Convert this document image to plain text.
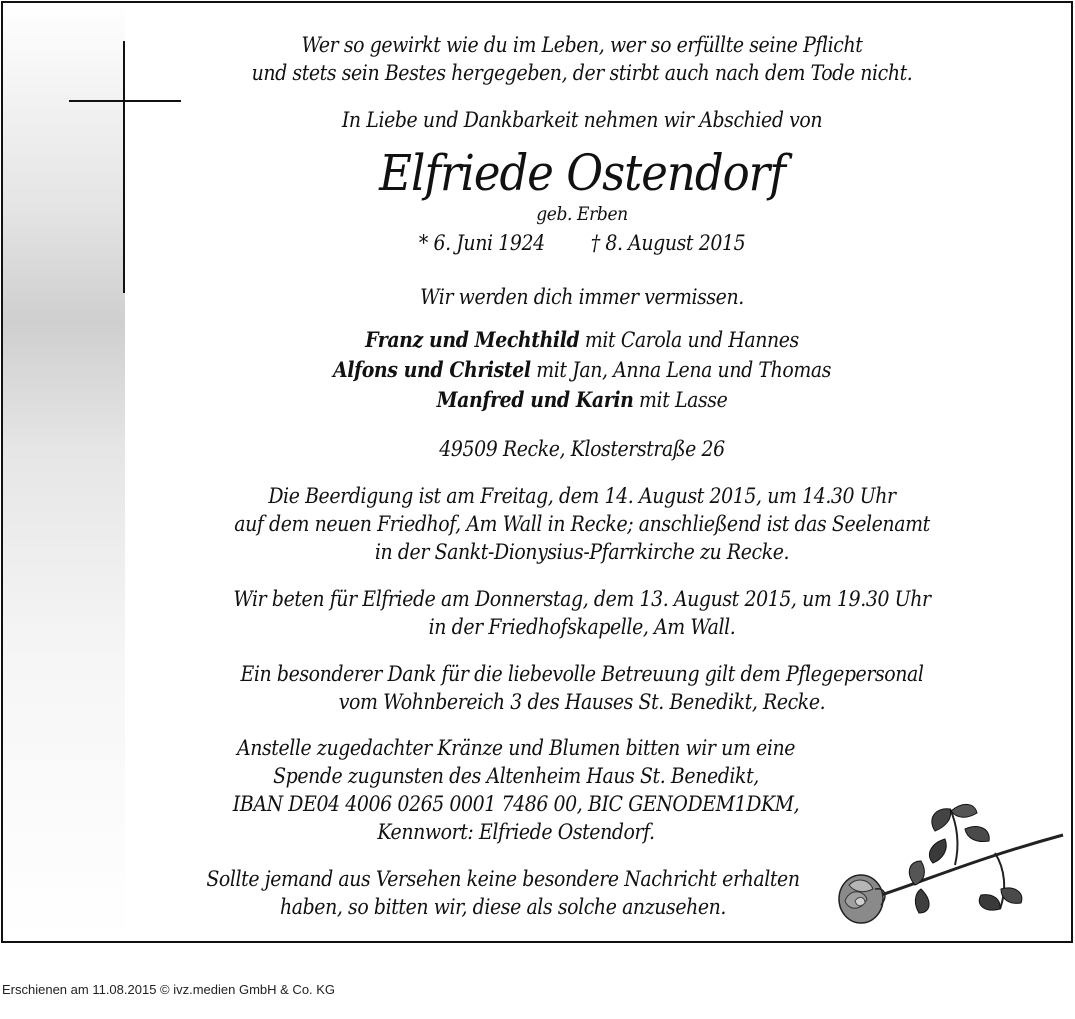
Wer so gewirkt wie du im Leben, wer so erfüllte seine Pflicht
und stets sein Bestes hergegeben, der stirbt auch nach dem Tode nicht.
In Liebe und Dankbarkeit nehmen wir Abschied von
Elfriede Ostendorf
geb. Erben
* 6. Juni 1924 † 8. August 2015
Wir werden dich immer vermissen.
Franz und Mechthild mit Carola und Hannes
Alfons und Christel mit Jan, Anna Lena und Thomas
Manfred und Karin mit Lasse
49509 Recke, Klosterstraße 26
Die Beerdigung ist am Freitag, dem 14. August 2015, um 14.30 Uhr
auf dem neuen Friedhof, Am Wall in Recke; anschließend ist das Seelenamt
in der Sankt-Dionysius-Pfarrkirche zu Recke.
Wir beten für Elfriede am Donnerstag, dem 13. August 2015, um 19.30 Uhr
in der Friedhofskapelle, Am Wall.
Ein besonderer Dank für die liebevolle Betreuung gilt dem Pflegepersonal
vom Wohnbereich 3 des Hauses St. Benedikt, Recke.
Anstelle zugedachter Kränze und Blumen bitten wir um eine
Spende zugunsten des Altenheim Haus St. Benedikt,
IBAN DE04 4006 0265 0001 7486 00, BIC GENODEM1DKM,
Kennwort: Elfriede Ostendorf.
Sollte jemand aus Versehen keine besondere Nachricht erhalten
haben, so bitten wir, diese als solche anzusehen.
Erschienen am 11.08.2015 © ivz.medien GmbH & Co. KG
